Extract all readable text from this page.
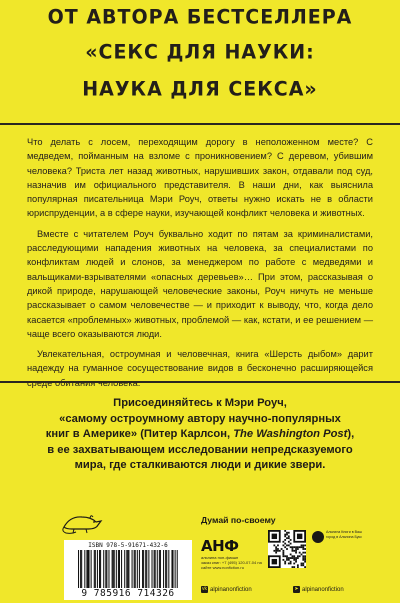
ОТ АВТОРА БЕСТСЕЛЛЕРА
«СЕКС ДЛЯ НАУКИ:
НАУКА ДЛЯ СЕКСА»

Что делать с лосем, переходящим дорогу в неположенном месте? С медведем, пойманным на взломе с проникновением? С деревом, убившим человека? Триста лет назад животных, нарушивших закон, отдавали под суд, назначив им официального представителя. В наши дни, как выяснила популярная писательница Мэри Роуч, ответы нужно искать не в области юриспруденции, а в сфере науки, изучающей конфликт человека и животных.

Вместе с читателем Роуч буквально ходит по пятам за криминалистами, расследующими нападения животных на человека, за специалистами по конфликтам людей и слонов, за менеджером по работе с медведями и вальщиками-взрывателями «опасных деревьев»… При этом, рассказывая о дикой природе, нарушающей человеческие законы, Роуч ничуть не меньше рассказывает о самом человечестве — и приходит к выводу, что, когда дело касается «проблемных» животных, проблемой — как, кстати, и ее решением — чаще всего оказываются люди.

Увлекательная, остроумная и человечная, книга «Шерсть дыбом» дарит надежду на гуманное сосуществование видов в бесконечно расширяющейся

Присоединяйтесь к Мэри Роуч,
«самому остроумному автору научно-популярных
книг в Америке» (Питер Карлсон, The Washington Post),
в ее захватывающем исследовании непредсказуемого
мира, где сталкиваются люди и дикие звери.
ISBN 978-5-91671-432-6
9 785916 714326
Думай по-своему
АНФ
альпина нон-фикшн
заказ книг: +7 (495) 120-07-04 на сайте www.nonfiction.ru
Альпина Книги в Ваш город в Альпина Букс
vk alpinanonfiction	➤ alpinanonfiction
